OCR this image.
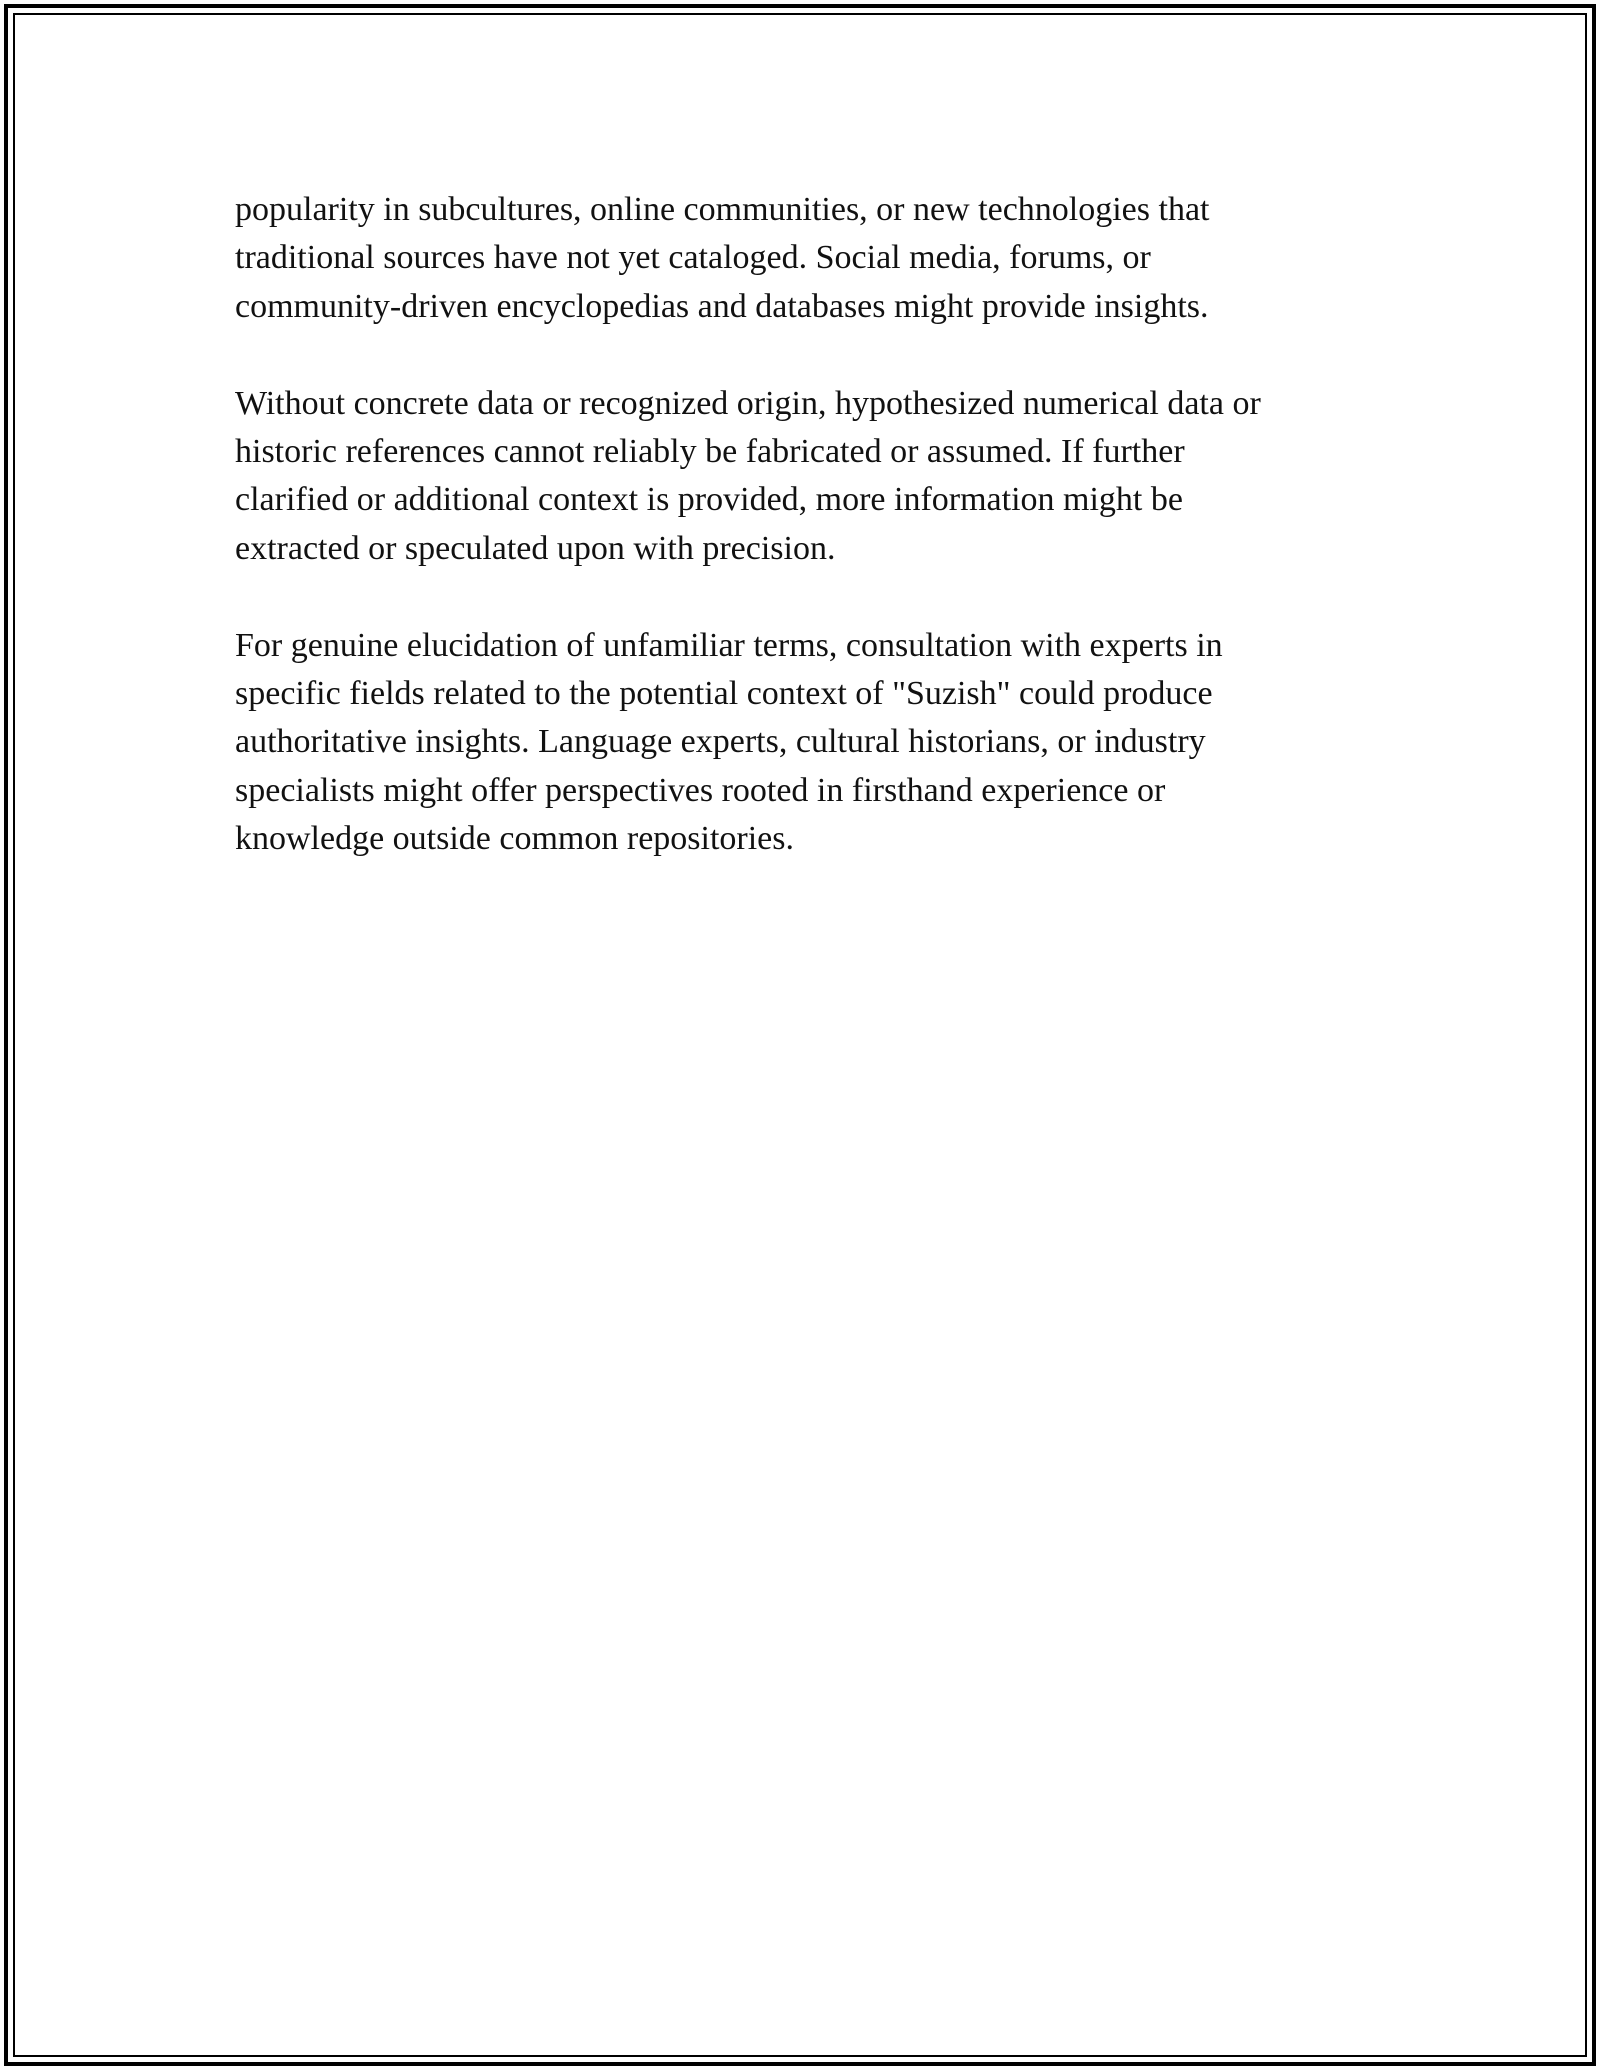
popularity in subcultures, online communities, or new technologies that
traditional sources have not yet cataloged. Social media, forums, or
community-driven encyclopedias and databases might provide insights.

Without concrete data or recognized origin, hypothesized numerical data or
historic references cannot reliably be fabricated or assumed. If further
clarified or additional context is provided, more information might be
extracted or speculated upon with precision.

For genuine elucidation of unfamiliar terms, consultation with experts in
specific fields related to the potential context of "Suzish" could produce
authoritative insights. Language experts, cultural historians, or industry
specialists might offer perspectives rooted in firsthand experience or
knowledge outside common repositories.
